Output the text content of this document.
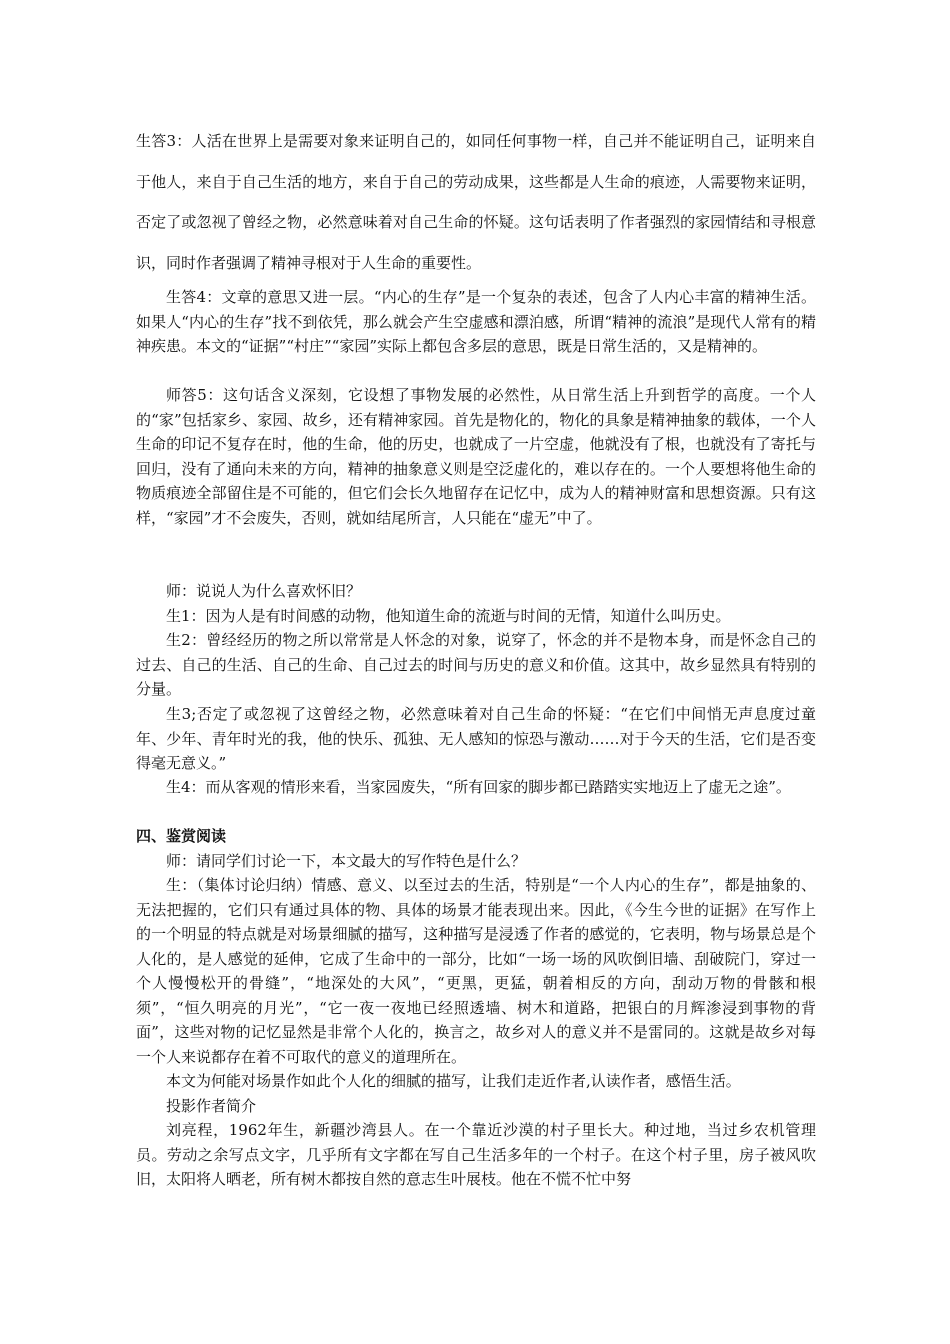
生答3：人活在世界上是需要对象来证明自己的，如同任何事物一样，自己并不能证明自己，证明来自于他人，来自于自己生活的地方，来自于自己的劳动成果，这些都是人生命的痕迹，人需要物来证明，否定了或忽视了曾经之物，必然意味着对自己生命的怀疑。这句话表明了作者强烈的家园情结和寻根意识，同时作者强调了精神寻根对于人生命的重要性。

生答4：文章的意思又进一层。“内心的生存”是一个复杂的表述，包含了人内心丰富的精神生活。如果人“内心的生存”找不到依凭，那么就会产生空虚感和漂泊感，所谓“精神的流浪”是现代人常有的精神疾患。本文的“证据”“村庄”“家园”实际上都包含多层的意思，既是日常生活的，又是精神的。

师答5：这句话含义深刻，它设想了事物发展的必然性，从日常生活上升到哲学的高度。一个人的“家”包括家乡、家园、故乡，还有精神家园。首先是物化的，物化的具象是精神抽象的载体，一个人生命的印记不复存在时，他的生命，他的历史，也就成了一片空虚，他就没有了根，也就没有了寄托与回归，没有了通向未来的方向，精神的抽象意义则是空泛虚化的，难以存在的。一个人要想将他生命的物质痕迹全部留住是不可能的，但它们会长久地留存在记忆中，成为人的精神财富和思想资源。只有这样，“家园”才不会废失，否则，就如结尾所言，人只能在“虚无”中了。

师：说说人为什么喜欢怀旧？

生1：因为人是有时间感的动物，他知道生命的流逝与时间的无情，知道什么叫历史。

生2：曾经经历的物之所以常常是人怀念的对象，说穿了，怀念的并不是物本身，而是怀念自己的过去、自己的生活、自己的生命、自己过去的时间与历史的意义和价值。这其中，故乡显然具有特别的分量。

生3;否定了或忽视了这曾经之物，必然意味着对自己生命的怀疑：“在它们中间悄无声息度过童年、少年、青年时光的我，他的快乐、孤独、无人感知的惊恐与激动……对于今天的生活，它们是否变得毫无意义。”

生4：而从客观的情形来看，当家园废失，“所有回家的脚步都已踏踏实实地迈上了虚无之途”。

四、鉴赏阅读

师：请同学们讨论一下，本文最大的写作特色是什么？

生：（集体讨论归纳）情感、意义、以至过去的生活，特别是“一个人内心的生存”，都是抽象的、无法把握的，它们只有通过具体的物、具体的场景才能表现出来。因此，《今生今世的证据》在写作上的一个明显的特点就是对场景细腻的描写，这种描写是浸透了作者的感觉的，它表明，物与场景总是个人化的，是人感觉的延伸，它成了生命中的一部分，比如“一场一场的风吹倒旧墙、刮破院门，穿过一个人慢慢松开的骨缝”，“地深处的大风”，“更黑，更猛，朝着相反的方向，刮动万物的骨骸和根须”，“恒久明亮的月光”，“它一夜一夜地已经照透墙、树木和道路，把银白的月辉渗浸到事物的背面”，这些对物的记忆显然是非常个人化的，换言之，故乡对人的意义并不是雷同的。这就是故乡对每一个人来说都存在着不可取代的意义的道理所在。

本文为何能对场景作如此个人化的细腻的描写，让我们走近作者,认读作者，感悟生活。

投影作者简介

刘亮程，1962年生，新疆沙湾县人。在一个靠近沙漠的村子里长大。种过地，当过乡农机管理员。劳动之余写点文字，几乎所有文字都在写自己生活多年的一个村子。在这个村子里，房子被风吹旧，太阳将人晒老，所有树木都按自然的意志生叶展枝。他在不慌不忙中努
